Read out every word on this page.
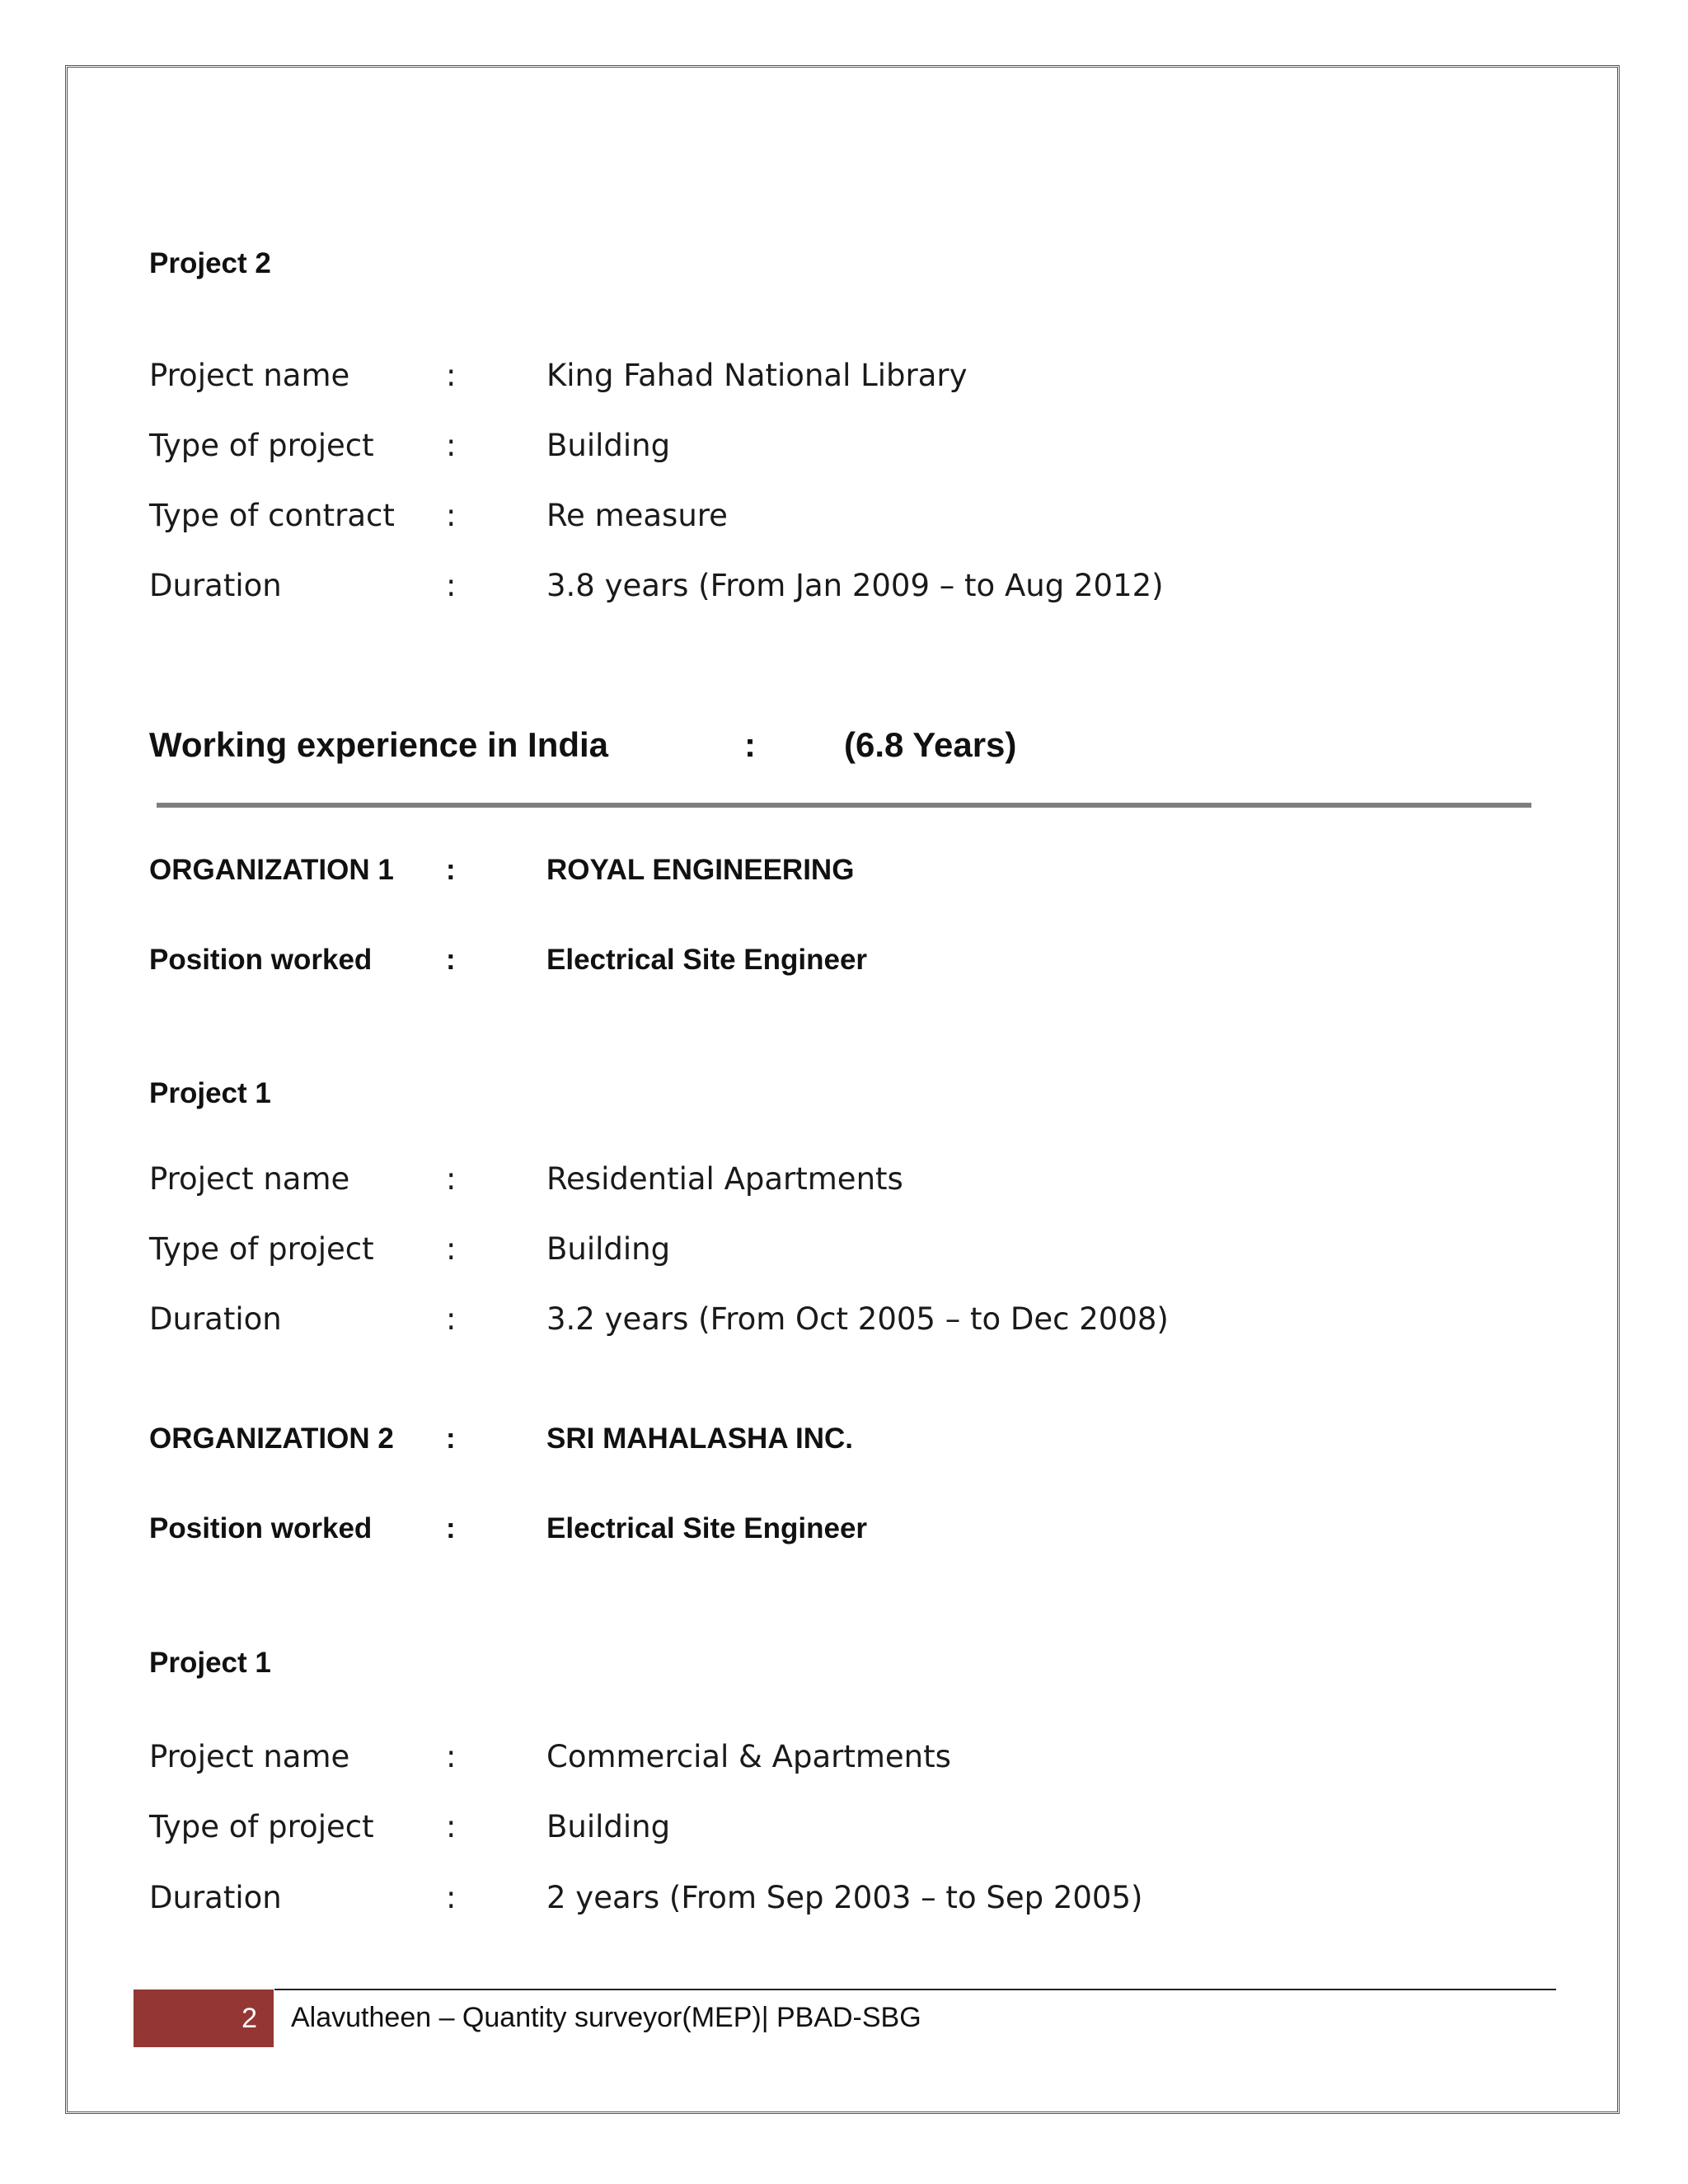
Project 2
Project name	:	King Fahad National Library
Type of project :	Building
Type of contract :	Re measure
Duration	:	3.8 years (From Jan 2009 – to Aug 2012)
Working experience in India	:	(6.8 Years)
ORGANIZATION 1 :	ROYAL ENGINEERING
Position worked	:	Electrical Site Engineer
Project 1
Project name	:	Residential Apartments
Type of project :	Building
Duration	:	3.2 years (From Oct 2005 – to Dec 2008)
ORGANIZATION 2 :	SRI MAHALASHA INC.
Position worked	:	Electrical Site Engineer
Project 1
Project name	:	Commercial & Apartments
Type of project :	Building
Duration	:	2 years (From Sep 2003 – to Sep 2005)
2	Alavutheen – Quantity surveyor(MEP)| PBAD-SBG
